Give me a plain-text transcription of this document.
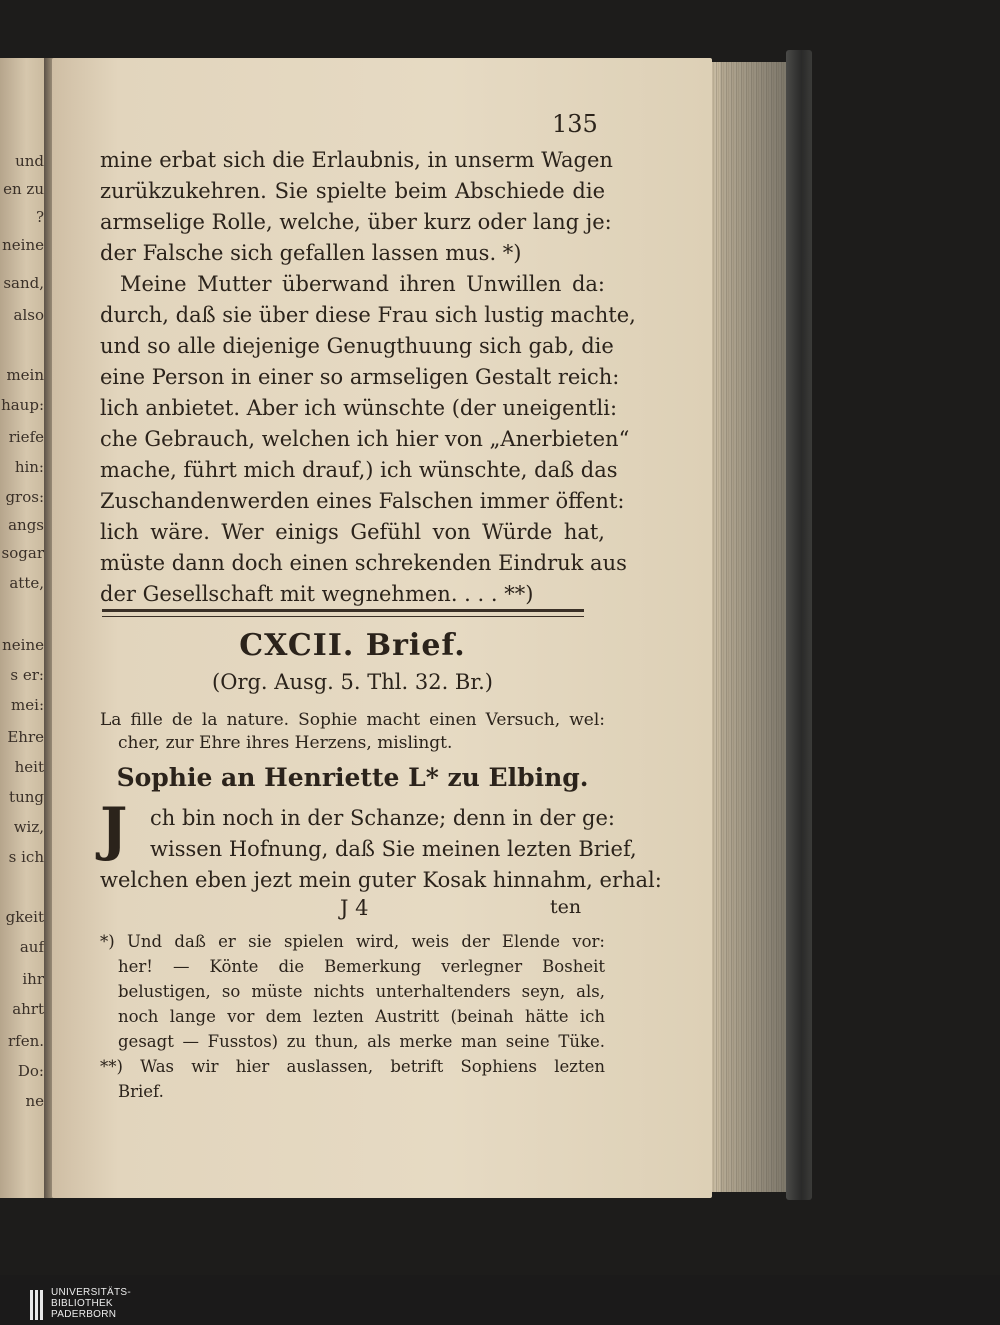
und
en zu
?
neine
sand,
also
mein
haup:
riefe
hin:
gros:
angs
sogar
atte,
neine
s er:
mei:
Ehre
heit
tung
wiz,
s ich
gkeit
auf
ihr
ahrt
rfen.
Do:
ne
135
mine erbat sich die Erlaubnis, in unserm Wagen
zurükzukehren. Sie spielte beim Abschiede die
armselige Rolle, welche, über kurz oder lang je:
der Falsche sich gefallen lassen mus. *)
Meine Mutter überwand ihren Unwillen da:
durch, daß sie über diese Frau sich lustig machte,
und so alle diejenige Genugthuung sich gab, die
eine Person in einer so armseligen Gestalt reich:
lich anbietet. Aber ich wünschte (der uneigentli:
che Gebrauch, welchen ich hier von „Anerbieten“
mache, führt mich drauf,) ich wünschte, daß das
Zuschandenwerden eines Falschen immer öffent:
lich wäre. Wer einigs Gefühl von Würde hat,
müste dann doch einen schrekenden Eindruk aus
der Gesellschaft mit wegnehmen. . . . **)
CXCII. Brief.
(Org. Ausg. 5. Thl. 32. Br.)
La fille de la nature. Sophie macht einen Versuch, wel:
cher, zur Ehre ihres Herzens, mislingt.
Sophie an Henriette L* zu Elbing.
J ch bin noch in der Schanze; denn in der ge:
wissen Hofnung, daß Sie meinen lezten Brief,
welchen eben jezt mein guter Kosak hinnahm, erhal:
J 4	ten
*) Und daß er sie spielen wird, weis der Elende vor:
her! — Könte die Bemerkung verlegner Bosheit
belustigen, so müste nichts unterhaltenders seyn, als,
noch lange vor dem lezten Austritt (beinah hätte ich
gesagt — Fusstos) zu thun, als merke man seine Tüke.
**) Was wir hier auslassen, betrift Sophiens lezten
Brief.
UNIVERSITÄTS-
BIBLIOTHEK
PADERBORN
